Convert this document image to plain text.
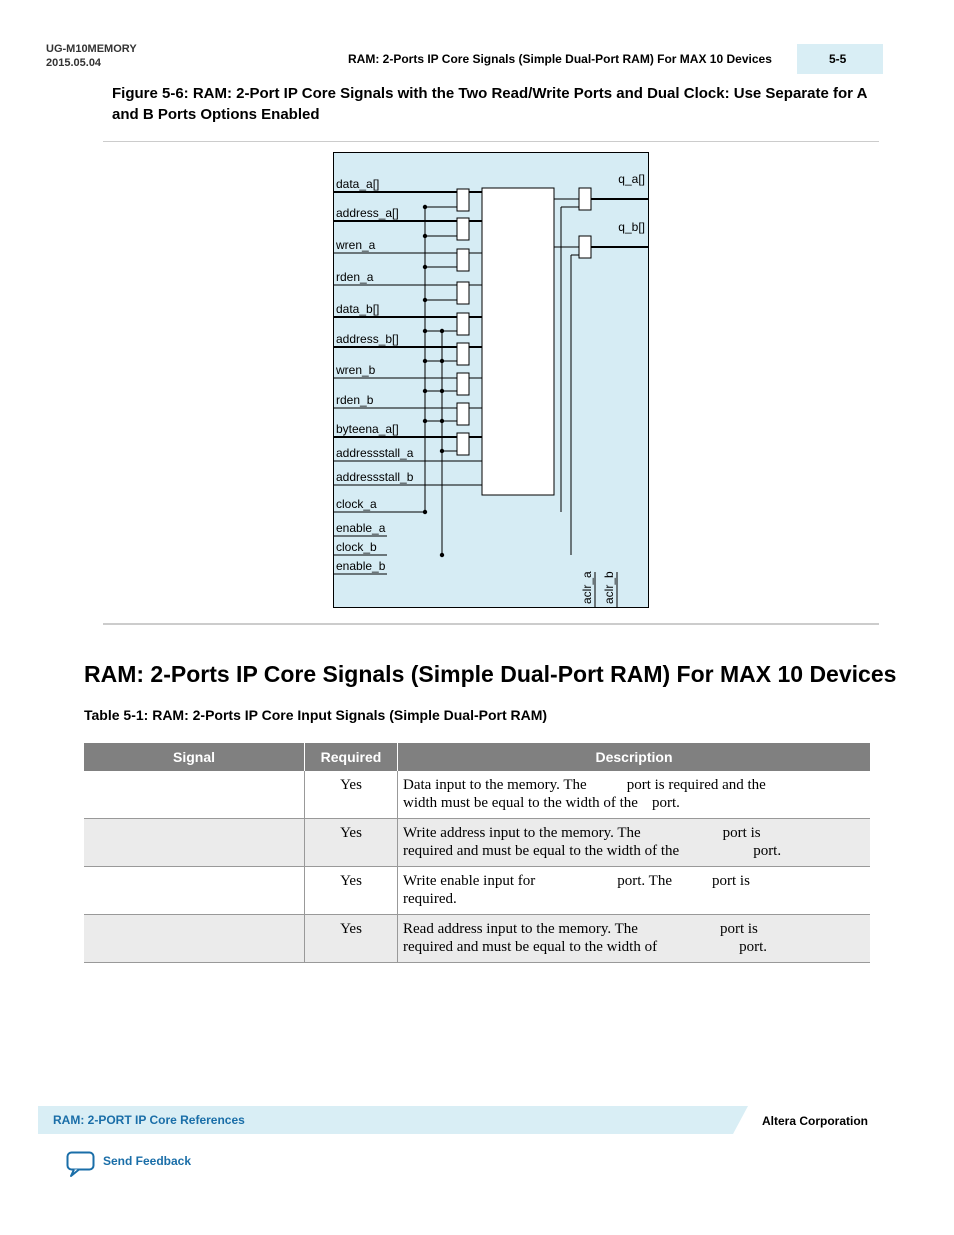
UG-M10MEMORY
2015.05.04	RAM: 2-Ports IP Core Signals (Simple Dual-Port RAM) For MAX 10 Devices	5-5
Figure 5-6: RAM: 2-Port IP Core Signals with the Two Read/Write Ports and Dual Clock: Use Separate for A and B Ports Options Enabled
data_a[]
address_a[]
wren_a
rden_a
data_b[]
address_b[]
wren_b
rden_b
byteena_a[]
addressstall_a
addressstall_b
clock_a
enable_a
clock_b
enable_b
q_a[]
q_b[]
aclr_a aclr_b
RAM: 2-Ports IP Core Signals (Simple Dual-Port RAM) For MAX 10 Devices
Table 5-1: RAM: 2-Ports IP Core Input Signals (Simple Dual-Port RAM)
Signal	Required	Description
	Yes	Data input to the memory. The port is required and the
width must be equal to the width of the port.
	Yes	Write address input to the memory. The port is
required and must be equal to the width of the port.
	Yes	Write enable input for port. The port is
required.
	Yes	Read address input to the memory. The port is
required and must be equal to the width of port.
RAM: 2-PORT IP Core References	Altera Corporation
Send Feedback
